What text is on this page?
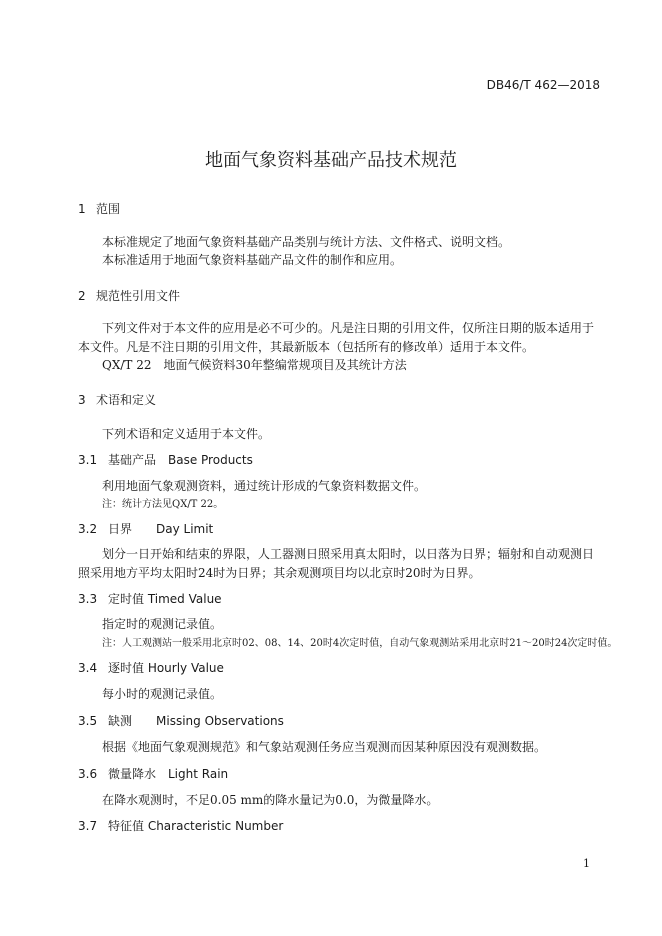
DB46/T 462—2018
地面气象资料基础产品技术规范
1 范围
本标准规定了地面气象资料基础产品类别与统计方法、文件格式、说明文档。
本标准适用于地面气象资料基础产品文件的制作和应用。
2 规范性引用文件
下列文件对于本文件的应用是必不可少的。凡是注日期的引用文件，仅所注日期的版本适用于本文件。凡是不注日期的引用文件，其最新版本（包括所有的修改单）适用于本文件。
QX/T 22　地面气候资料30年整编常规项目及其统计方法
3 术语和定义
下列术语和定义适用于本文件。
3.1 基础产品　Base Products
利用地面气象观测资料，通过统计形成的气象资料数据文件。
注：统计方法见QX/T 22。
3.2 日界　　Day Limit
划分一日开始和结束的界限，人工器测日照采用真太阳时，以日落为日界；辐射和自动观测日照采用地方平均太阳时24时为日界；其余观测项目均以北京时20时为日界。
3.3 定时值 Timed Value
指定时的观测记录值。
注：人工观测站一般采用北京时02、08、14、20时4次定时值，自动气象观测站采用北京时21～20时24次定时值。
3.4 逐时值 Hourly Value
每小时的观测记录值。
3.5 缺测　　Missing Observations
根据《地面气象观测规范》和气象站观测任务应当观测而因某种原因没有观测数据。
3.6 微量降水　Light Rain
在降水观测时，不足0.05 mm的降水量记为0.0，为微量降水。
3.7 特征值 Characteristic Number
1
